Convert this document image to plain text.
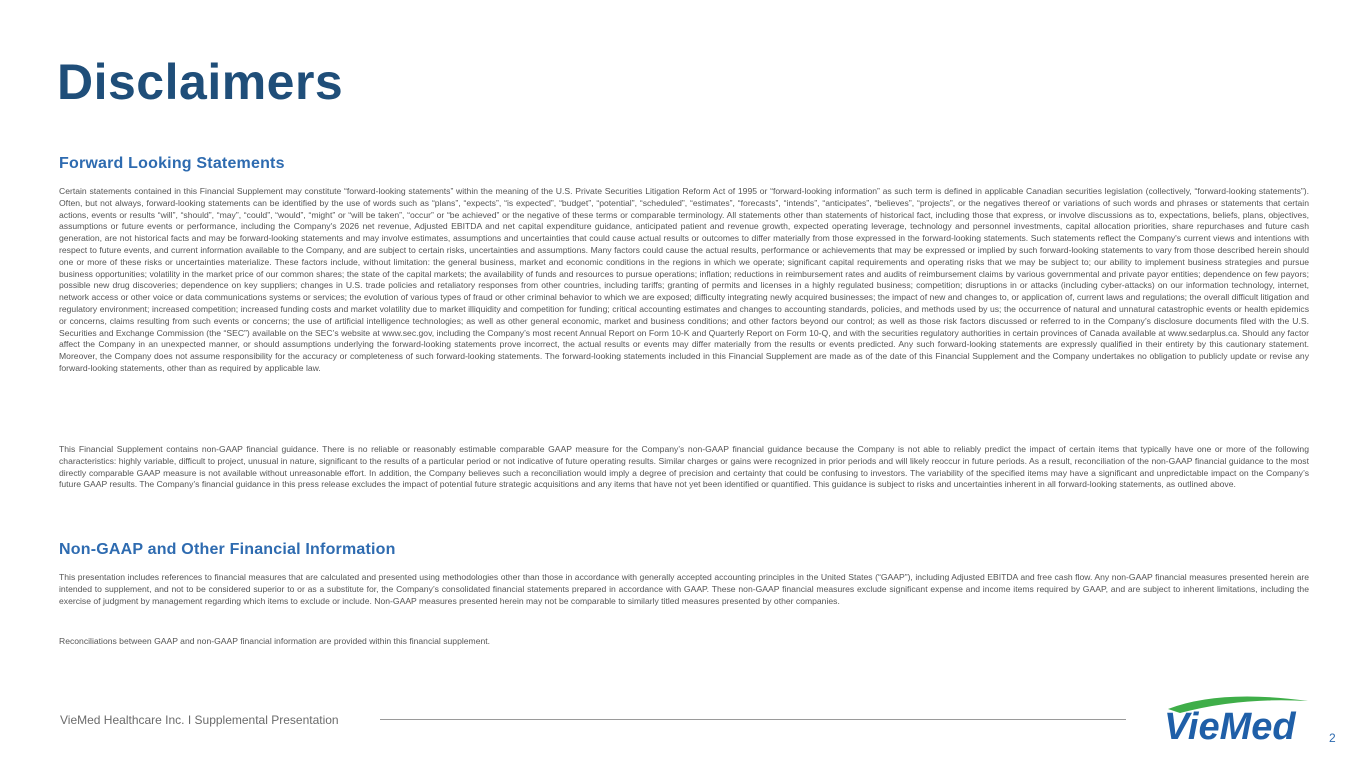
Disclaimers
Forward Looking Statements

Certain statements contained in this Financial Supplement may constitute “forward-looking statements” within the meaning of the U.S. Private Securities Litigation Reform Act of 1995 or “forward-looking information” as such term is defined in applicable Canadian securities legislation (collectively, “forward-looking statements”). Often, but not always, forward-looking statements can be identified by the use of words such as “plans”, “expects”, “is expected”, “budget”, “potential”, “scheduled”, “estimates”, “forecasts”, “intends”, “anticipates”, “believes”, “projects”, or the negatives thereof or variations of such words and phrases or statements that certain actions, events or results “will”, “should”, “may”, “could”, “would”, “might” or “will be taken”, “occur” or “be achieved” or the negative of these terms or comparable terminology. All statements other than statements of historical fact, including those that express, or involve discussions as to, expectations, beliefs, plans, objectives, assumptions or future events or performance, including the Company's 2026 net revenue, Adjusted EBITDA and net capital expenditure guidance, anticipated patient and revenue growth, expected operating leverage, technology and personnel investments, capital allocation priorities, share repurchases and future cash generation, are not historical facts and may be forward-looking statements and may involve estimates, assumptions and uncertainties that could cause actual results or outcomes to differ materially from those expressed in the forward-looking statements. Such statements reflect the Company's current views and intentions with respect to future events, and current information available to the Company, and are subject to certain risks, uncertainties and assumptions. Many factors could cause the actual results, performance or achievements that may be expressed or implied by such forward-looking statements to vary from those described herein should one or more of these risks or uncertainties materialize. These factors include, without limitation: the general business, market and economic conditions in the regions in which we operate; significant capital requirements and operating risks that we may be subject to; our ability to implement business strategies and pursue business opportunities; volatility in the market price of our common shares; the state of the capital markets; the availability of funds and resources to pursue operations; inflation; reductions in reimbursement rates and audits of reimbursement claims by various governmental and private payor entities; dependence on few payors; possible new drug discoveries; dependence on key suppliers; changes in U.S. trade policies and retaliatory responses from other countries, including tariffs; granting of permits and licenses in a highly regulated business; competition; disruptions in or attacks (including cyber-attacks) on our information technology, internet, network access or other voice or data communications systems or services; the evolution of various types of fraud or other criminal behavior to which we are exposed; difficulty integrating newly acquired businesses; the impact of new and changes to, or application of, current laws and regulations; the overall difficult litigation and regulatory environment; increased competition; increased funding costs and market volatility due to market illiquidity and competition for funding; critical accounting estimates and changes to accounting standards, policies, and methods used by us; the occurrence of natural and unnatural catastrophic events or health epidemics or concerns, claims resulting from such events or concerns; the use of artificial intelligence technologies; as well as other general economic, market and business conditions; and other factors beyond our control; as well as those risk factors discussed or referred to in the Company’s disclosure documents filed with the U.S. Securities and Exchange Commission (the “SEC”) available on the SEC’s website at www.sec.gov, including the Company’s most recent Annual Report on Form 10-K and Quarterly Report on Form 10-Q, and with the securities regulatory authorities in certain provinces of Canada available at www.sedarplus.ca. Should any factor affect the Company in an unexpected manner, or should assumptions underlying the forward-looking statements prove incorrect, the actual results or events may differ materially from the results or events predicted. Any such forward-looking statements are expressly qualified in their entirety by this cautionary statement. Moreover, the Company does not assume responsibility for the accuracy or completeness of such forward-looking statements. The forward-looking statements included in this Financial Supplement are made as of the date of this Financial Supplement and the Company undertakes no obligation to publicly update or revise any forward-looking statements, other than as required by applicable law.

This Financial Supplement contains non-GAAP financial guidance. There is no reliable or reasonably estimable comparable GAAP measure for the Company’s non-GAAP financial guidance because the Company is not able to reliably predict the impact of certain items that typically have one or more of the following characteristics: highly variable, difficult to project, unusual in nature, significant to the results of a particular period or not indicative of future operating results. Similar charges or gains were recognized in prior periods and will likely reoccur in future periods. As a result, reconciliation of the non-GAAP financial guidance to the most directly comparable GAAP measure is not available without unreasonable effort. In addition, the Company believes such a reconciliation would imply a degree of precision and certainty that could be confusing to investors. The variability of the specified items may have a significant and unpredictable impact on the Company’s future GAAP results. The Company’s financial guidance in this press release excludes the impact of potential future strategic acquisitions and any items that have not yet been identified or quantified. This guidance is subject to risks and uncertainties inherent in all forward-looking statements, as outlined above.

Non-GAAP and Other Financial Information

This presentation includes references to financial measures that are calculated and presented using methodologies other than those in accordance with generally accepted accounting principles in the United States (“GAAP”), including Adjusted EBITDA and free cash flow. Any non-GAAP financial measures presented herein are intended to supplement, and not to be considered superior to or as a substitute for, the Company’s consolidated financial statements prepared in accordance with GAAP. These non-GAAP financial measures exclude significant expense and income items required by GAAP, and are subject to inherent limitations, including the exercise of judgment by management regarding which items to exclude or include. Non-GAAP measures presented herein may not be comparable to similarly titled measures presented by other companies.

Reconciliations between GAAP and non-GAAP financial information are provided within this financial supplement.

VieMed Healthcare Inc. I Supplemental Presentation	VieMed	2
